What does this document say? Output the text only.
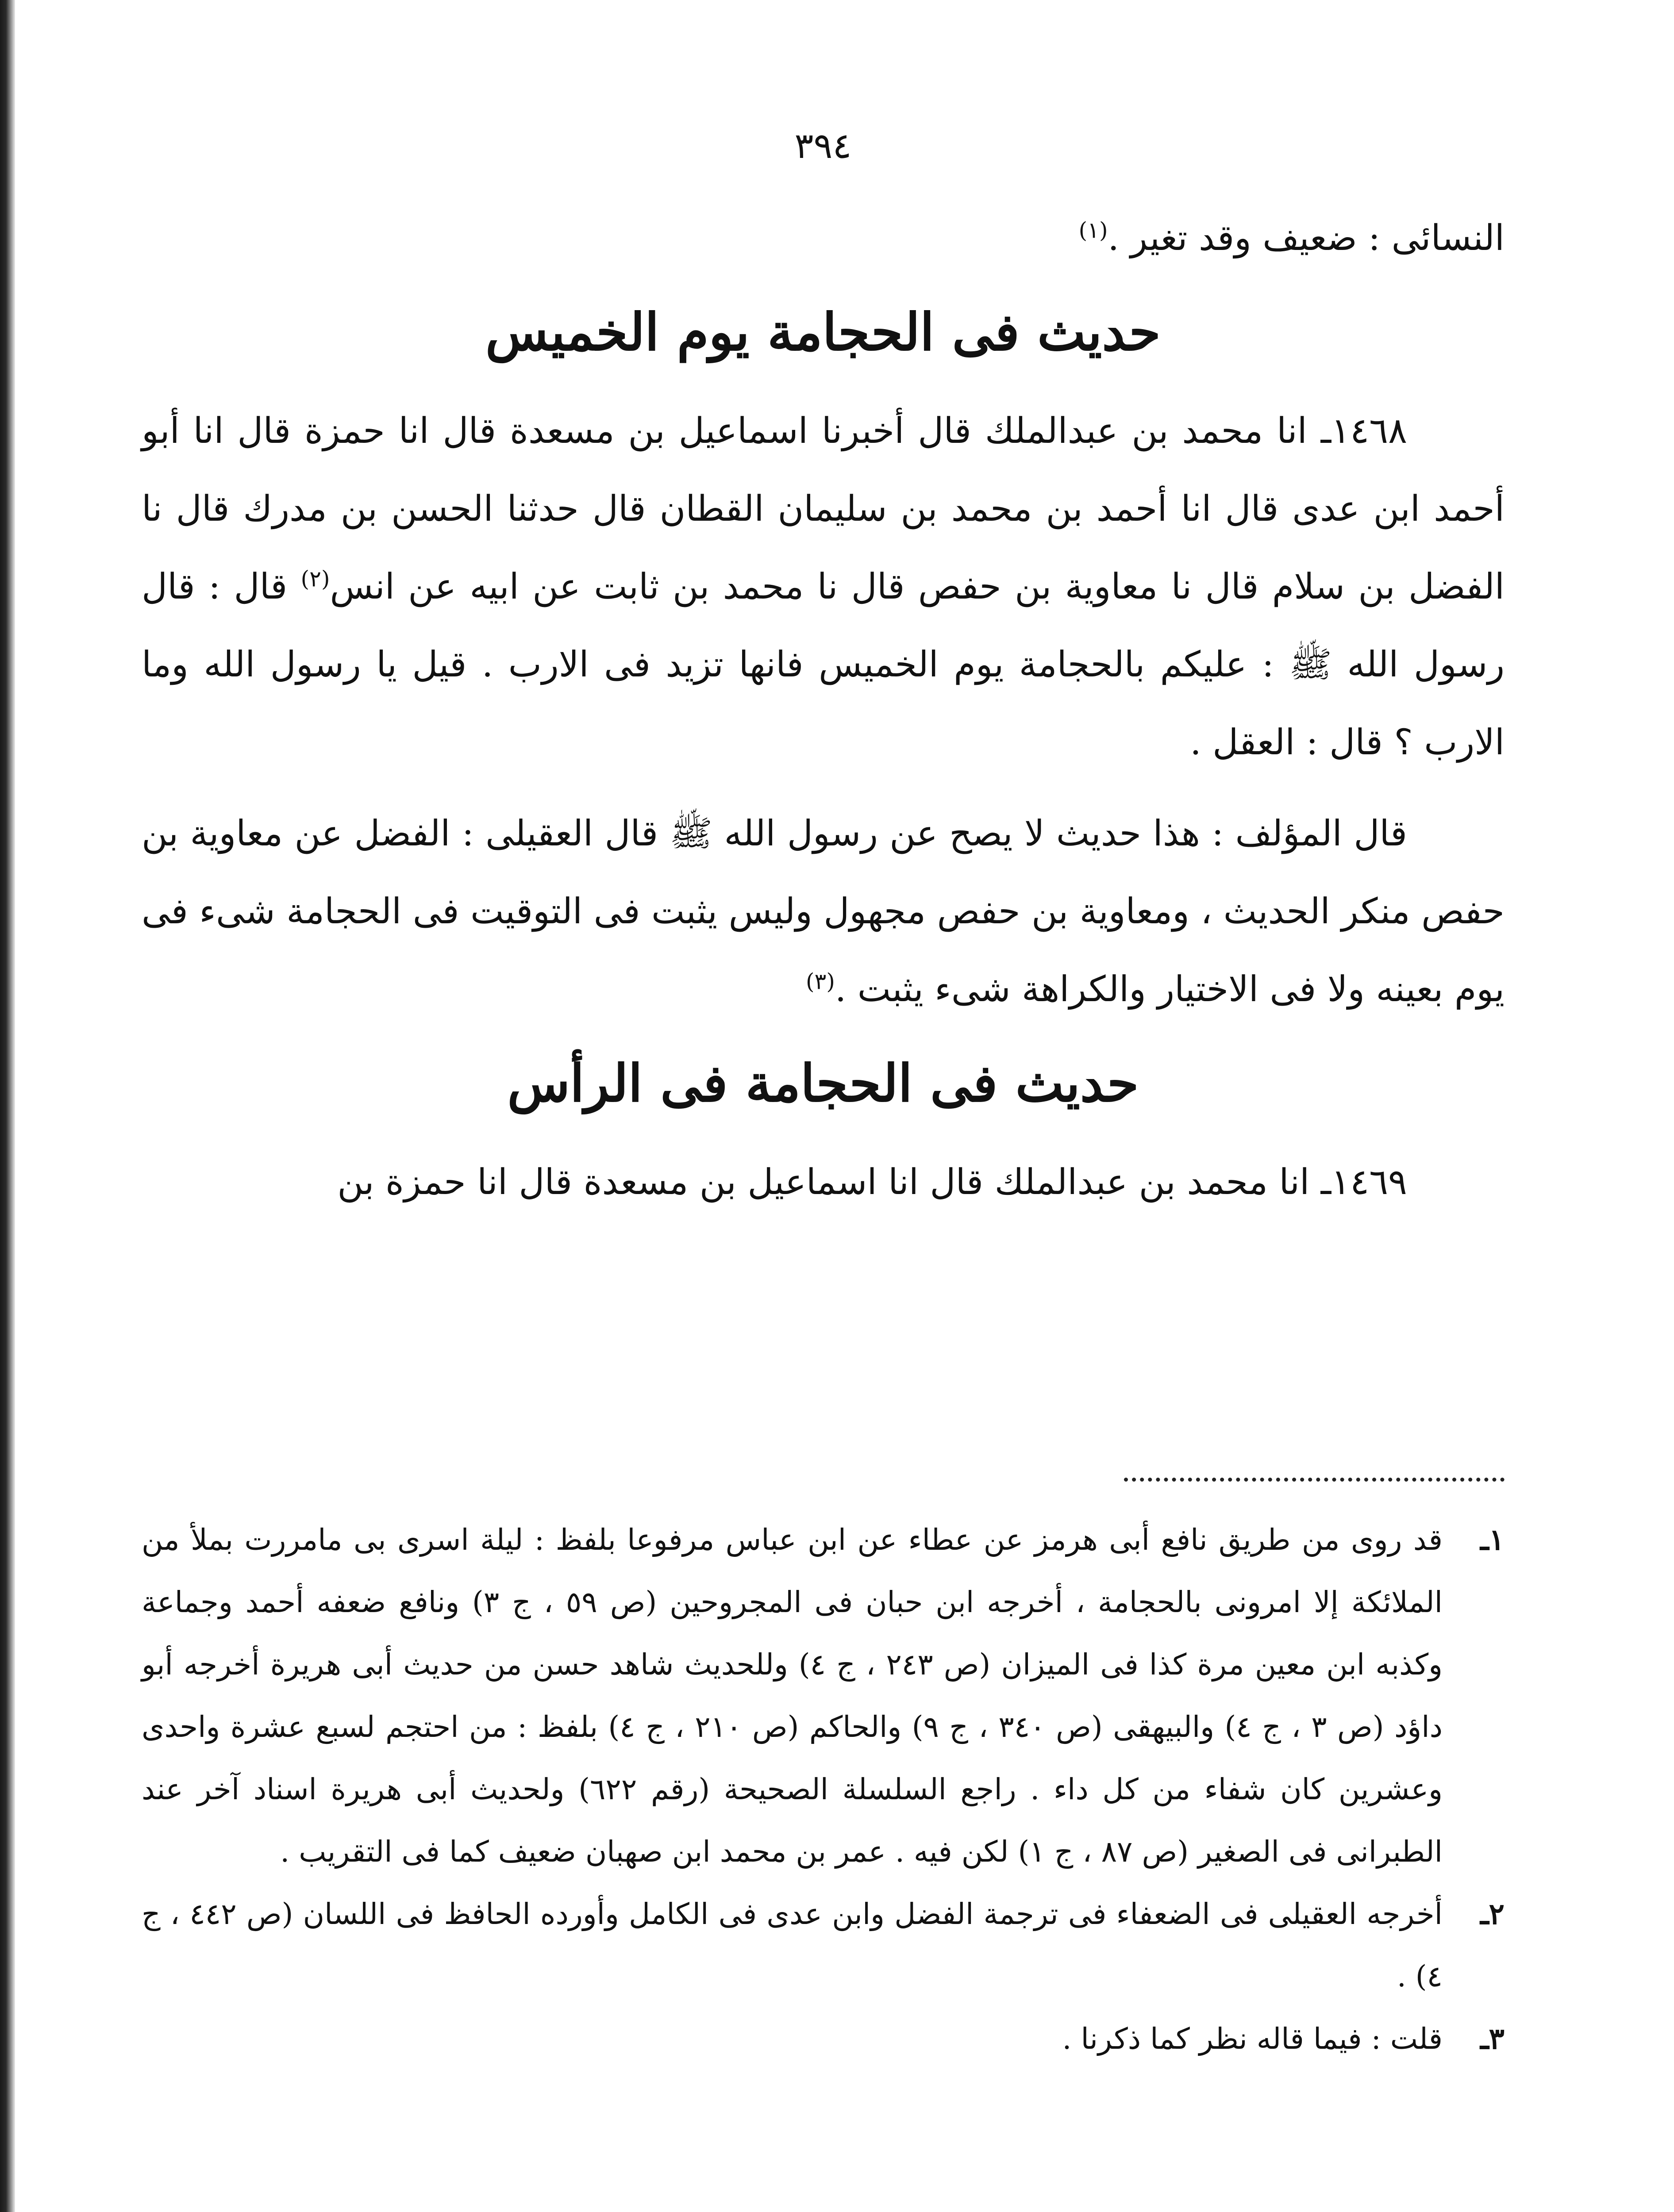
٣٩٤

النسائى : ضعيف وقد تغير .$^{(١)}$

حديث فى الحجامة يوم الخميس

١٤٦٨ـ انا محمد بن عبدالملك قال أخبرنا اسماعيل بن مسعدة قال انا حمزة قال انا أبو أحمد ابن عدى قال انا أحمد بن محمد بن سليمان القطان قال حدثنا الحسن بن مدرك قال نا الفضل بن سلام قال نا معاوية بن حفص قال نا محمد بن ثابت عن ابيه عن انس$^{(٢)}$ قال : قال رسول الله ﷺ : عليكم بالحجامة يوم الخميس فانها تزيد فى الارب . قيل يا رسول الله وما الارب ؟ قال : العقل .

قال المؤلف : هذا حديث لا يصح عن رسول الله ﷺ قال العقيلى : الفضل عن معاوية بن حفص منكر الحديث ، ومعاوية بن حفص مجهول وليس يثبت فى التوقيت فى الحجامة شىء فى يوم بعينه ولا فى الاختيار والكراهة شىء يثبت .$^{(٣)}$

حديث فى الحجامة فى الرأس

١٤٦٩ـ انا محمد بن عبدالملك قال انا اسماعيل بن مسعدة قال انا حمزة بن

١ـ
قد روى من طريق نافع أبى هرمز عن عطاء عن ابن عباس مرفوعا بلفظ : ليلة اسرى بى مامررت بملأ من الملائكة إلا امرونى بالحجامة ، أخرجه ابن حبان فى المجروحين (ص ٥٩ ، ج ٣) ونافع ضعفه أحمد وجماعة وكذبه ابن معين مرة كذا فى الميزان (ص ٢٤٣ ، ج ٤) وللحديث شاهد حسن من حديث أبى هريرة أخرجه أبو داؤد (ص ٣ ، ج ٤) والبيهقى (ص ٣٤٠ ، ج ٩) والحاكم (ص ٢١٠ ، ج ٤) بلفظ : من احتجم لسبع عشرة واحدى وعشرين كان شفاء من كل داء . راجع السلسلة الصحيحة (رقم ٦٢٢) ولحديث أبى هريرة اسناد آخر عند الطبرانى فى الصغير (ص ٨٧ ، ج ١) لكن فيه . عمر بن محمد ابن صهبان ضعيف كما فى التقريب .
٢ـ
أخرجه العقيلى فى الضعفاء فى ترجمة الفضل وابن عدى فى الكامل وأورده الحافظ فى اللسان (ص ٤٤٢ ، ج ٤) .
٣ـ
قلت : فيما قاله نظر كما ذكرنا .
